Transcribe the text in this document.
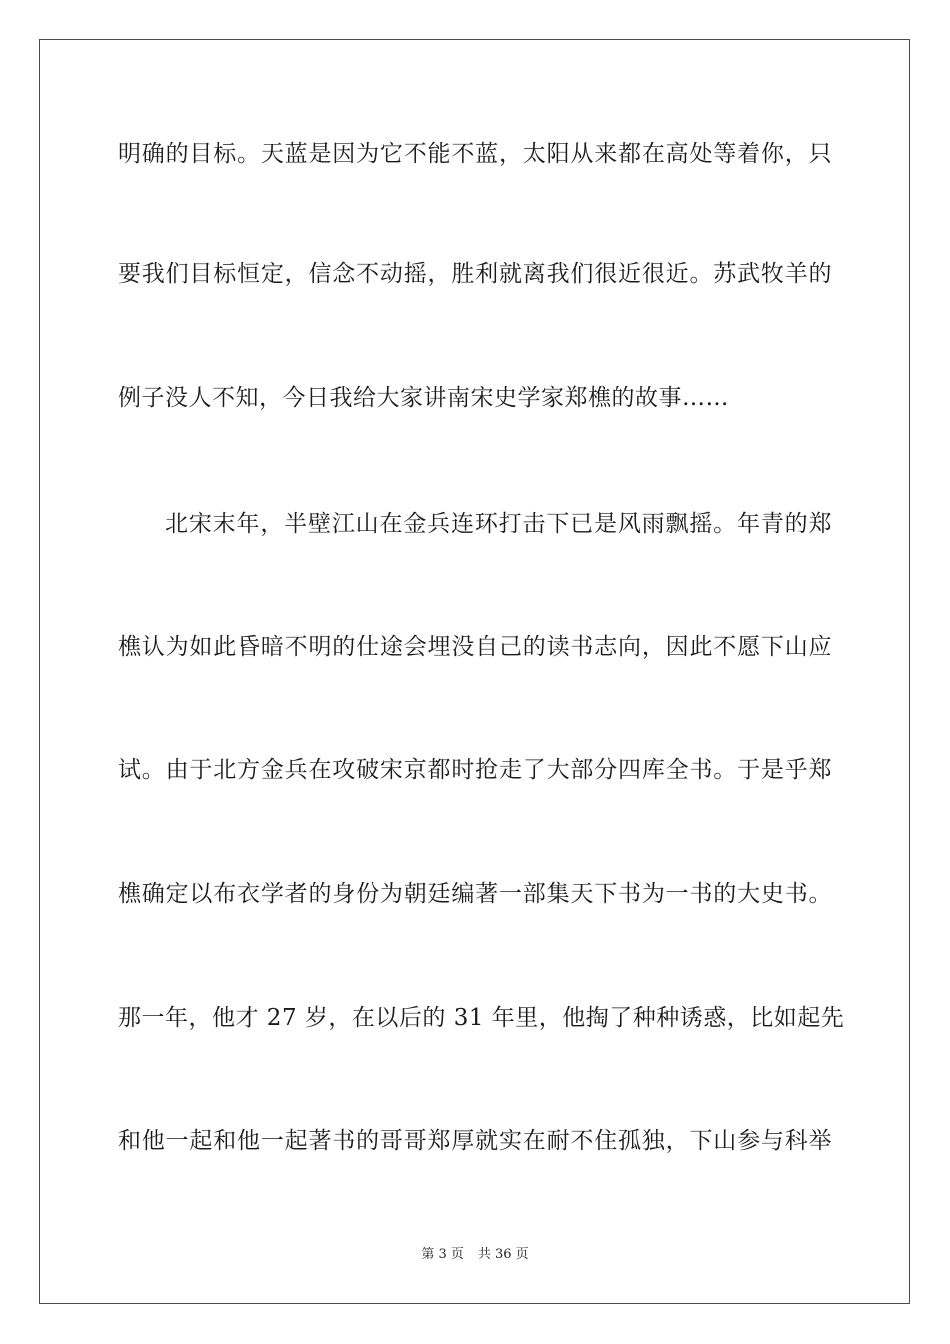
明确的目标。天蓝是因为它不能不蓝，太阳从来都在高处等着你，只
要我们目标恒定，信念不动摇，胜利就离我们很近很近。苏武牧羊的
例子没人不知，今日我给大家讲南宋史学家郑樵的故事……
北宋末年，半壁江山在金兵连环打击下已是风雨飘摇。年青的郑
樵认为如此昏暗不明的仕途会埋没自己的读书志向，因此不愿下山应
试。由于北方金兵在攻破宋京都时抢走了大部分四库全书。于是乎郑
樵确定以布衣学者的身份为朝廷编著一部集天下书为一书的大史书。
那一年，他才 27 岁，在以后的 31 年里，他掏了种种诱惑，比如起先
和他一起和他一起著书的哥哥郑厚就实在耐不住孤独，下山参与科举
第 3 页 共 36 页
